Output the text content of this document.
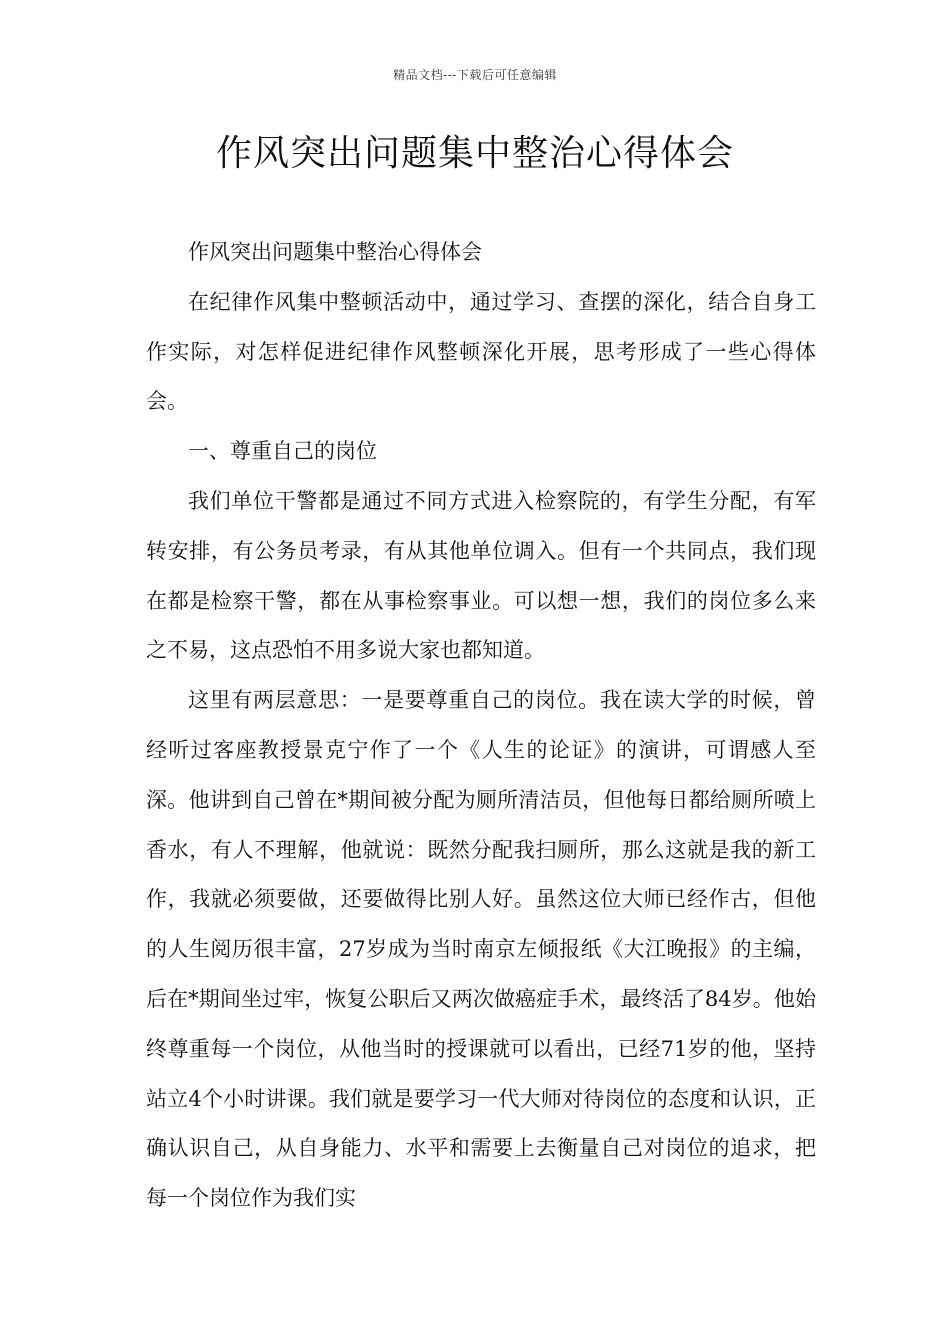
精品文档---下载后可任意编辑
作风突出问题集中整治心得体会

作风突出问题集中整治心得体会

在纪律作风集中整顿活动中，通过学习、查摆的深化，结合自身工作实际，对怎样促进纪律作风整顿深化开展，思考形成了一些心得体会。

一、尊重自己的岗位

我们单位干警都是通过不同方式进入检察院的，有学生分配，有军转安排，有公务员考录，有从其他单位调入。但有一个共同点，我们现在都是检察干警，都在从事检察事业。可以想一想，我们的岗位多么来之不易，这点恐怕不用多说大家也都知道。

这里有两层意思：一是要尊重自己的岗位。我在读大学的时候，曾经听过客座教授景克宁作了一个《人生的论证》的演讲，可谓感人至深。他讲到自己曾在*期间被分配为厕所清洁员，但他每日都给厕所喷上香水，有人不理解，他就说：既然分配我扫厕所，那么这就是我的新工作，我就必须要做，还要做得比别人好。虽然这位大师已经作古，但他的人生阅历很丰富，27岁成为当时南京左倾报纸《大江晚报》的主编，后在*期间坐过牢，恢复公职后又两次做癌症手术，最终活了84岁。他始终尊重每一个岗位，从他当时的授课就可以看出，已经71岁的他，坚持站立4个小时讲课。我们就是要学习一代大师对待岗位的态度和认识，正确认识自己，从自身能力、水平和需要上去衡量自己对岗位的追求，把每一个岗位作为我们实
